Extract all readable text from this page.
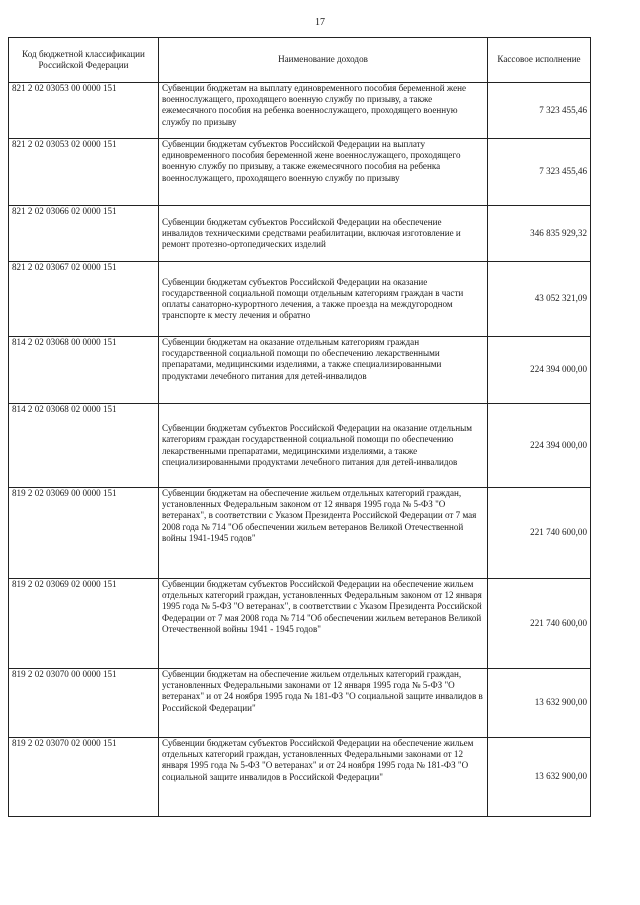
17
Код бюджетной классификации Российской Федерации	Наименование доходов	Кассовое исполнение
821 2 02 03053 00 0000 151	Субвенции бюджетам на выплату единовременного пособия беременной жене военнослужащего, проходящего военную службу по призыву, а также ежемесячного пособия на ребенка военнослужащего, проходящего военную службу по призыву	7 323 455,46
821 2 02 03053 02 0000 151	Субвенции бюджетам субъектов Российской Федерации на выплату единовременного пособия беременной жене военнослужащего, проходящего военную службу по призыву, а также ежемесячного пособия на ребенка военнослужащего, проходящего военную службу по призыву	7 323 455,46
821 2 02 03066 02 0000 151	Субвенции бюджетам субъектов Российской Федерации на обеспечение инвалидов техническими средствами реабилитации, включая изготовление и ремонт протезно-ортопедических изделий	346 835 929,32
821 2 02 03067 02 0000 151	Субвенции бюджетам субъектов Российской Федерации на оказание государственной социальной помощи отдельным категориям граждан в части оплаты санаторно-курортного лечения, а также проезда на междугородном транспорте к месту лечения и обратно	43 052 321,09
814 2 02 03068 00 0000 151	Субвенции бюджетам на оказание отдельным категориям граждан государственной социальной помощи по обеспечению лекарственными препаратами, медицинскими изделиями, а также специализированными продуктами лечебного питания для детей-инвалидов	224 394 000,00
814 2 02 03068 02 0000 151	Субвенции бюджетам субъектов Российской Федерации на оказание отдельным категориям граждан государственной социальной помощи по обеспечению лекарственными препаратами, медицинскими изделиями, а также специализированными продуктами лечебного питания для детей-инвалидов	224 394 000,00
819 2 02 03069 00 0000 151	Субвенции бюджетам на обеспечение жильем отдельных категорий граждан, установленных Федеральным законом от 12 января 1995 года № 5-ФЗ "О ветеранах", в соответствии с Указом Президента Российской Федерации от 7 мая 2008 года № 714 "Об обеспечении жильем ветеранов Великой Отечественной войны 1941-1945 годов"	221 740 600,00
819 2 02 03069 02 0000 151	Субвенции бюджетам субъектов Российской Федерации на обеспечение жильем отдельных категорий граждан, установленных Федеральным законом от 12 января 1995 года № 5-ФЗ "О ветеранах", в соответствии с Указом Президента Российской Федерации от 7 мая 2008 года № 714 "Об обеспечении жильем ветеранов Великой Отечественной войны 1941 - 1945 годов"	221 740 600,00
819 2 02 03070 00 0000 151	Субвенции бюджетам на обеспечение жильем отдельных категорий граждан, установленных Федеральными законами от 12 января 1995 года № 5-ФЗ "О ветеранах" и от 24 ноября 1995 года № 181-ФЗ "О социальной защите инвалидов в Российской Федерации"	13 632 900,00
819 2 02 03070 02 0000 151	Субвенции бюджетам субъектов Российской Федерации на обеспечение жильем отдельных категорий граждан, установленных Федеральными законами от 12 января 1995 года № 5-ФЗ "О ветеранах" и от 24 ноября 1995 года № 181-ФЗ "О социальной защите инвалидов в Российской Федерации"	13 632 900,00
